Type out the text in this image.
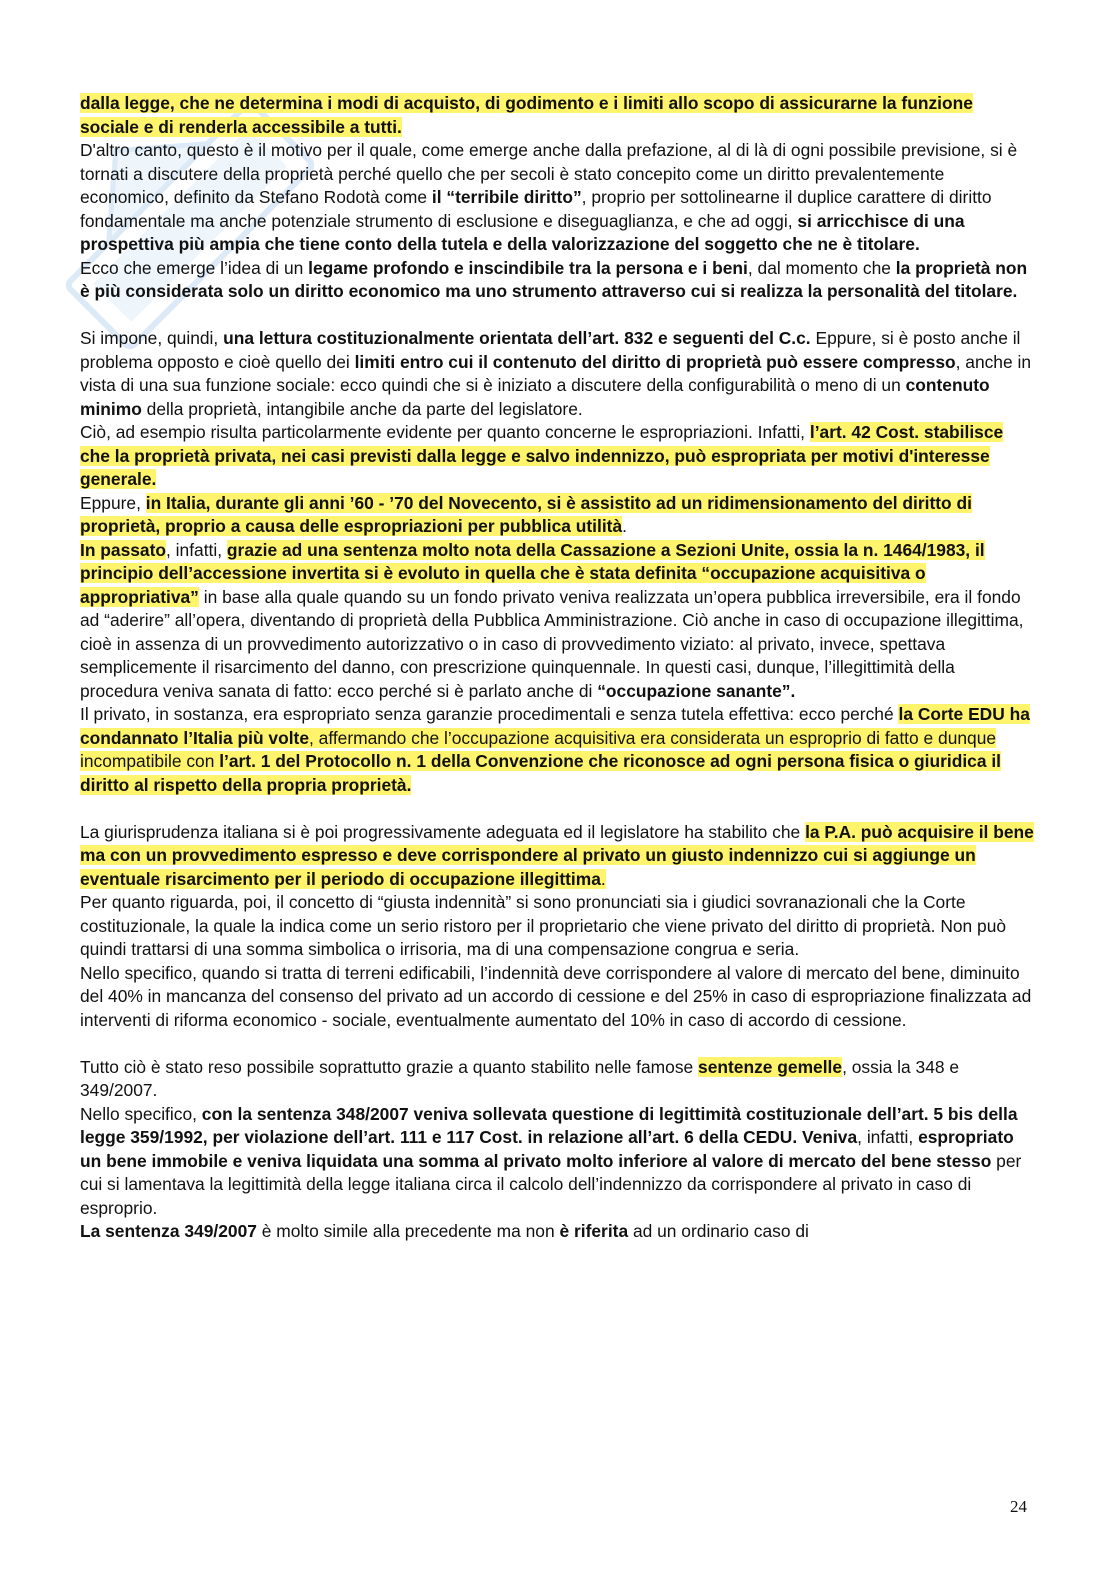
dalla legge, che ne determina i modi di acquisto, di godimento e i limiti allo scopo di assicurarne la funzione sociale e di renderla accessibile a tutti.

D'altro canto, questo è il motivo per il quale, come emerge anche dalla prefazione, al di là di ogni possibile previsione, si è tornati a discutere della proprietà perché quello che per secoli è stato concepito come un diritto prevalentemente economico, definito da Stefano Rodotà come il “terribile diritto”, proprio per sottolinearne il duplice carattere di diritto fondamentale ma anche potenziale strumento di esclusione e diseguaglianza, e che ad oggi, si arricchisce di una prospettiva più ampia che tiene conto della tutela e della valorizzazione del soggetto che ne è titolare.

Ecco che emerge l’idea di un legame profondo e inscindibile tra la persona e i beni, dal momento che la proprietà non è più considerata solo un diritto economico ma uno strumento attraverso cui si realizza la personalità del titolare.

Si impone, quindi, una lettura costituzionalmente orientata dell’art. 832 e seguenti del C.c. Eppure, si è posto anche il problema opposto e cioè quello dei limiti entro cui il contenuto del diritto di proprietà può essere compresso, anche in vista di una sua funzione sociale: ecco quindi che si è iniziato a discutere della configurabilità o meno di un contenuto minimo della proprietà, intangibile anche da parte del legislatore.

Ciò, ad esempio risulta particolarmente evidente per quanto concerne le espropriazioni. Infatti, l’art. 42 Cost. stabilisce che la proprietà privata, nei casi previsti dalla legge e salvo indennizzo, può espropriata per motivi d'interesse generale.

Eppure, in Italia, durante gli anni ’60 - ’70 del Novecento, si è assistito ad un ridimensionamento del diritto di proprietà, proprio a causa delle espropriazioni per pubblica utilità.

In passato, infatti, grazie ad una sentenza molto nota della Cassazione a Sezioni Unite, ossia la n. 1464/1983, il principio dell’accessione invertita si è evoluto in quella che è stata definita “occupazione acquisitiva o appropriativa” in base alla quale quando su un fondo privato veniva realizzata un’opera pubblica irreversibile, era il fondo ad “aderire” all’opera, diventando di proprietà della Pubblica Amministrazione. Ciò anche in caso di occupazione illegittima, cioè in assenza di un provvedimento autorizzativo o in caso di provvedimento viziato: al privato, invece, spettava semplicemente il risarcimento del danno, con prescrizione quinquennale. In questi casi, dunque, l’illegittimità della procedura veniva sanata di fatto: ecco perché si è parlato anche di “occupazione sanante”.

Il privato, in sostanza, era espropriato senza garanzie procedimentali e senza tutela effettiva: ecco perché la Corte EDU ha condannato l’Italia più volte, affermando che l’occupazione acquisitiva era considerata un esproprio di fatto e dunque incompatibile con l’art. 1 del Protocollo n. 1 della Convenzione che riconosce ad ogni persona fisica o giuridica il diritto al rispetto della propria proprietà.

La giurisprudenza italiana si è poi progressivamente adeguata ed il legislatore ha stabilito che la P.A. può acquisire il bene ma con un provvedimento espresso e deve corrispondere al privato un giusto indennizzo cui si aggiunge un eventuale risarcimento per il periodo di occupazione illegittima.

Per quanto riguarda, poi, il concetto di “giusta indennità” si sono pronunciati sia i giudici sovranazionali che la Corte costituzionale, la quale la indica come un serio ristoro per il proprietario che viene privato del diritto di proprietà. Non può quindi trattarsi di una somma simbolica o irrisoria, ma di una compensazione congrua e seria.

Nello specifico, quando si tratta di terreni edificabili, l’indennità deve corrispondere al valore di mercato del bene, diminuito del 40% in mancanza del consenso del privato ad un accordo di cessione e del 25% in caso di espropriazione finalizzata ad interventi di riforma economico - sociale, eventualmente aumentato del 10% in caso di accordo di cessione.

Tutto ciò è stato reso possibile soprattutto grazie a quanto stabilito nelle famose sentenze gemelle, ossia la 348 e 349/2007.

Nello specifico, con la sentenza 348/2007 veniva sollevata questione di legittimità costituzionale dell’art. 5 bis della legge 359/1992, per violazione dell’art. 111 e 117 Cost. in relazione all’art. 6 della CEDU. Veniva, infatti, espropriato un bene immobile e veniva liquidata una somma al privato molto inferiore al valore di mercato del bene stesso per cui si lamentava la legittimità della legge italiana circa il calcolo dell’indennizzo da corrispondere al privato in caso di esproprio.

La sentenza 349/2007 è molto simile alla precedente ma non è riferita ad un ordinario caso di

24
